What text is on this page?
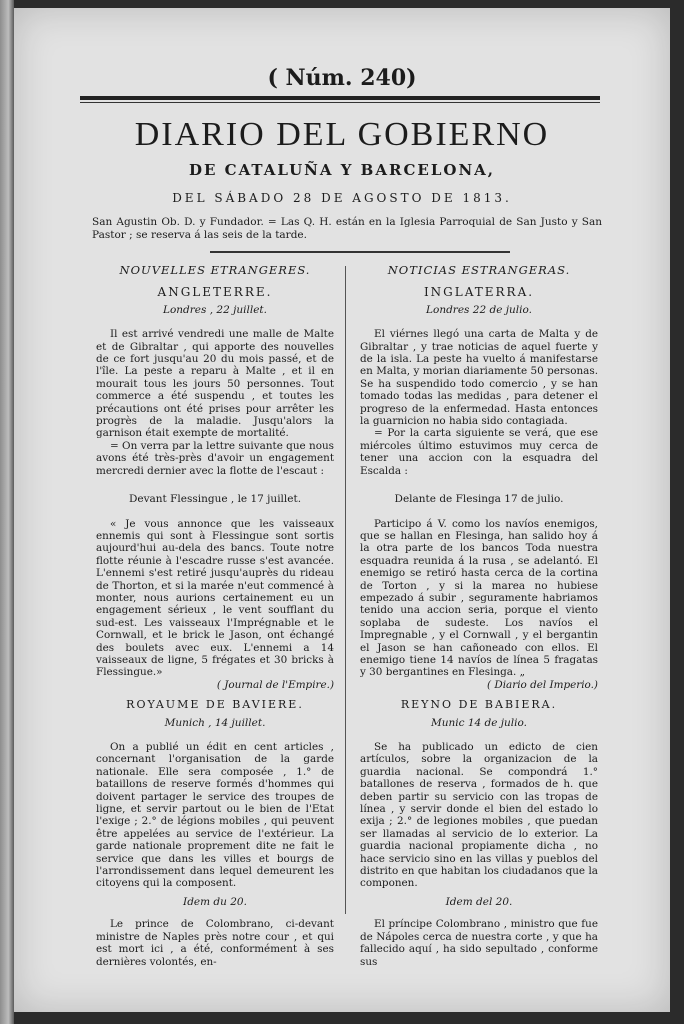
( Núm. 240)
DIARIO DEL GOBIERNO
DE CATALUÑA Y BARCELONA,
DEL SÁBADO 28 DE AGOSTO DE 1813.
San Agustin Ob. D. y Fundador. = Las Q. H. están en la Iglesia Parroquial de San Justo y San Pastor ; se reserva á las seis de la tarde.
NOUVELLES ETRANGERES.
ANGLETERRE.
Londres , 22 juillet.

Il est arrivé vendredi une malle de Malte et de Gibraltar , qui apporte des nouvelles de ce fort jusqu'au 20 du mois passé, et de l'île. La peste a reparu à Malte , et il en mourait tous les jours 50 personnes. Tout commerce a été suspendu , et toutes les précautions ont été prises pour arrêter les progrès de la maladie. Jusqu'alors la garnison était exempte de mortalité.

= On verra par la lettre suivante que nous avons été très-près d'avoir un engagement mercredi dernier avec la flotte de l'escaut :

Devant Flessingue , le 17 juillet.

« Je vous annonce que les vaisseaux ennemis qui sont à Flessingue sont sortis aujourd'hui au-dela des bancs. Toute notre flotte réunie à l'escadre russe s'est avancée. L'ennemi s'est retiré jusqu'auprès du rideau de Thorton, et si la marée n'eut commencé à monter, nous aurions certainement eu un engagement sérieux , le vent soufflant du sud-est. Les vaisseaux l'Imprégnable et le Cornwall, et le brick le Jason, ont échangé des boulets avec eux. L'ennemi a 14 vaisseaux de ligne, 5 frégates et 30 bricks à Flessingue.»

( Journal de l'Empire.)
ROYAUME DE BAVIERE.
Munich , 14 juillet.

On a publié un édit en cent articles , concernant l'organisation de la garde nationale. Elle sera composée , 1.° de bataillons de reserve formés d'hommes qui doivent partager le service des troupes de ligne, et servir partout ou le bien de l'Etat l'exige ; 2.° de légions mobiles , qui peuvent être appelées au service de l'extérieur. La garde nationale proprement dite ne fait le service que dans les villes et bourgs de l'arrondissement dans lequel demeurent les citoyens qui la composent.

Idem du 20.

Le prince de Colombrano, ci-devant ministre de Naples près notre cour , et qui est mort ici , a été, conformément à ses dernières volontés, en-

NOTICIAS ESTRANGERAS.
INGLATERRA.
Londres 22 de julio.

El viérnes llegó una carta de Malta y de Gibraltar , y trae noticias de aquel fuerte y de la isla. La peste ha vuelto á manifestarse en Malta, y morian diariamente 50 personas. Se ha suspendido todo comercio , y se han tomado todas las medidas , para detener el progreso de la enfermedad. Hasta entonces la guarnicion no habia sido contagiada.

= Por la carta siguiente se verá, que ese miércoles último estuvimos muy cerca de tener una accion con la esquadra del Escalda :

Delante de Flesinga 17 de julio.

Participo á V. como los navíos enemigos, que se hallan en Flesinga, han salido hoy á la otra parte de los bancos Toda nuestra esquadra reunida á la rusa , se adelantó. El enemigo se retiró hasta cerca de la cortina de Torton , y si la marea no hubiese empezado á subir , seguramente habriamos tenido una accion seria, porque el viento soplaba de sudeste. Los navíos el Impregnable , y el Cornwall , y el bergantin el Jason se han cañoneado con ellos. El enemigo tiene 14 navíos de línea 5 fragatas y 30 bergantines en Flesinga. „

( Diario del Imperio.)
REYNO DE BABIERA.
Munic 14 de julio.

Se ha publicado un edicto de cien artículos, sobre la organizacion de la guardia nacional. Se compondrá 1.° batallones de reserva , formados de h. que deben partir su servicio con las tropas de línea , y servir donde el bien del estado lo exija ; 2.° de legiones mobiles , que puedan ser llamadas al servicio de lo exterior. La guardia nacional propiamente dicha , no hace servicio sino en las villas y pueblos del distrito en que habitan los ciudadanos que la componen.

Idem del 20.

El príncipe Colombrano , ministro que fue de Nápoles cerca de nuestra corte , y que ha fallecido aquí , ha sido sepultado , conforme sus
